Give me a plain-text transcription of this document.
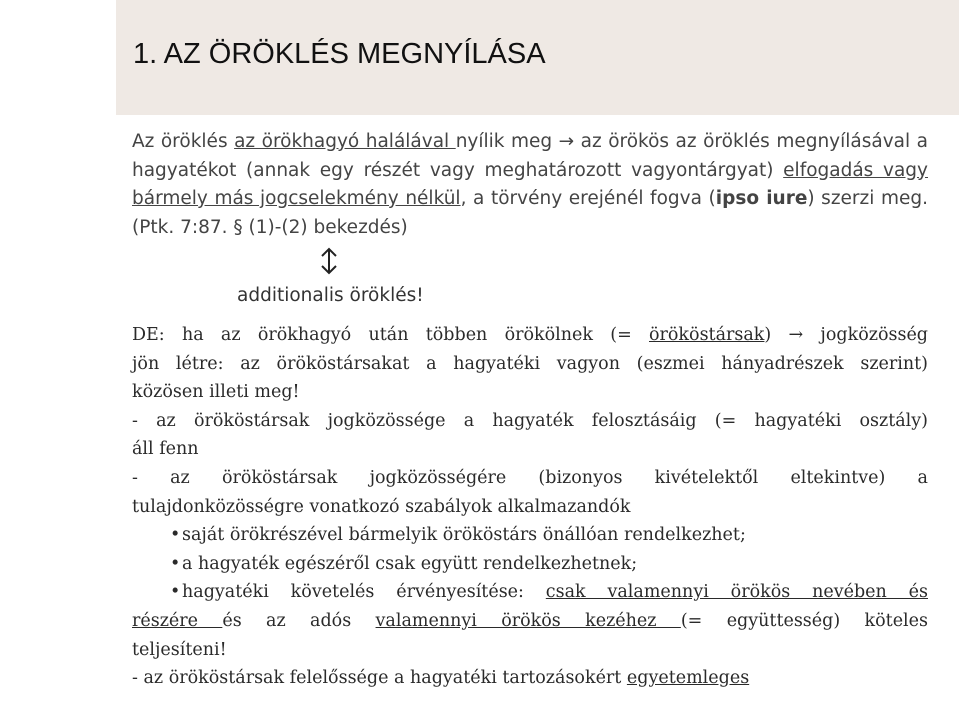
1. AZ ÖRÖKLÉS MEGNYÍLÁSA
Az öröklés az örökhagyó halálával nyílik meg → az örökös az öröklés megnyílásával a hagyatékot (annak egy részét vagy meghatározott vagyontárgyat) elfogadás vagy bármely más jogcselekmény nélkül, a törvény erejénél fogva (ipso iure) szerzi meg. (Ptk. 7:87. § (1)-(2) bekezdés)
additionalis öröklés!
DE: ha az örökhagyó után többen örökölnek (= örököstársak) → jogközösség
jön létre: az örököstársakat a hagyatéki vagyon (eszmei hányadrészek szerint)
közösen illeti meg!
- az örököstársak jogközössége a hagyaték felosztásáig (= hagyatéki osztály)
áll fenn
- az örököstársak jogközösségére (bizonyos kivételektől eltekintve) a
tulajdonközösségre vonatkozó szabályok alkalmazandók
• saját örökrészével bármelyik örököstárs önállóan rendelkezhet;
• a hagyaték egészéről csak együtt rendelkezhetnek;
• hagyatéki követelés érvényesítése: csak valamennyi örökös nevében és
részére és az adós valamennyi örökös kezéhez (= együttesség) köteles
teljesíteni!
- az örököstársak felelőssége a hagyatéki tartozásokért egyetemleges
